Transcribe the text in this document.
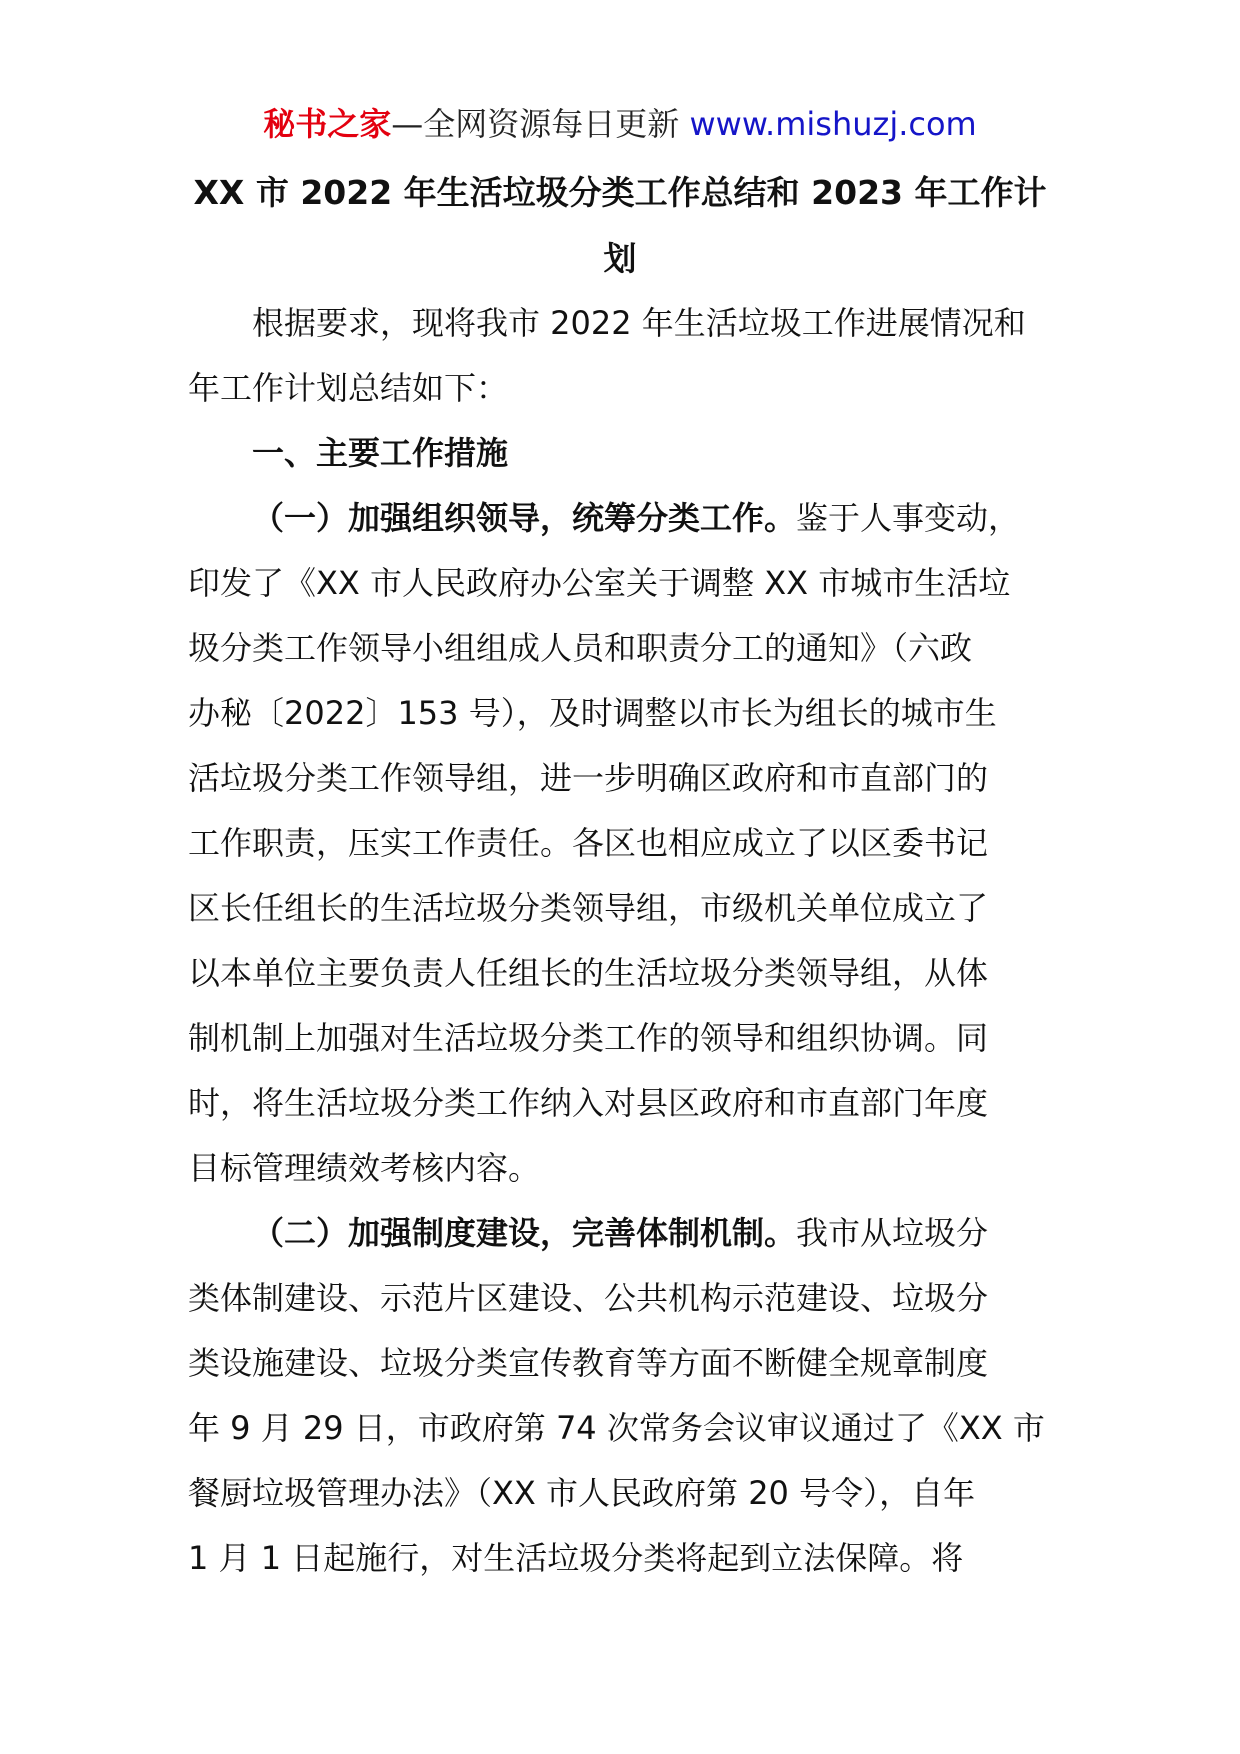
秘书之家—全网资源每日更新 www.mishuzj.com
XX 市 2022 年生活垃圾分类工作总结和 2023 年工作计
划

根据要求，现将我市 2022 年生活垃圾工作进展情况和
年工作计划总结如下：

一、主要工作措施

（一）加强组织领导，统筹分类工作。鉴于人事变动，
印发了《XX 市人民政府办公室关于调整 XX 市城市生活垃
圾分类工作领导小组组成人员和职责分工的通知》（六政
办秘〔2022〕153 号），及时调整以市长为组长的城市生
活垃圾分类工作领导组，进一步明确区政府和市直部门的
工作职责，压实工作责任。各区也相应成立了以区委书记
区长任组长的生活垃圾分类领导组，市级机关单位成立了
以本单位主要负责人任组长的生活垃圾分类领导组，从体
制机制上加强对生活垃圾分类工作的领导和组织协调。同
时，将生活垃圾分类工作纳入对县区政府和市直部门年度
目标管理绩效考核内容。

（二）加强制度建设，完善体制机制。我市从垃圾分
类体制建设、示范片区建设、公共机构示范建设、垃圾分
类设施建设、垃圾分类宣传教育等方面不断健全规章制度
年 9 月 29 日，市政府第 74 次常务会议审议通过了《XX 市
餐厨垃圾管理办法》（XX 市人民政府第 20 号令），自年
1 月 1 日起施行，对生活垃圾分类将起到立法保障。将
